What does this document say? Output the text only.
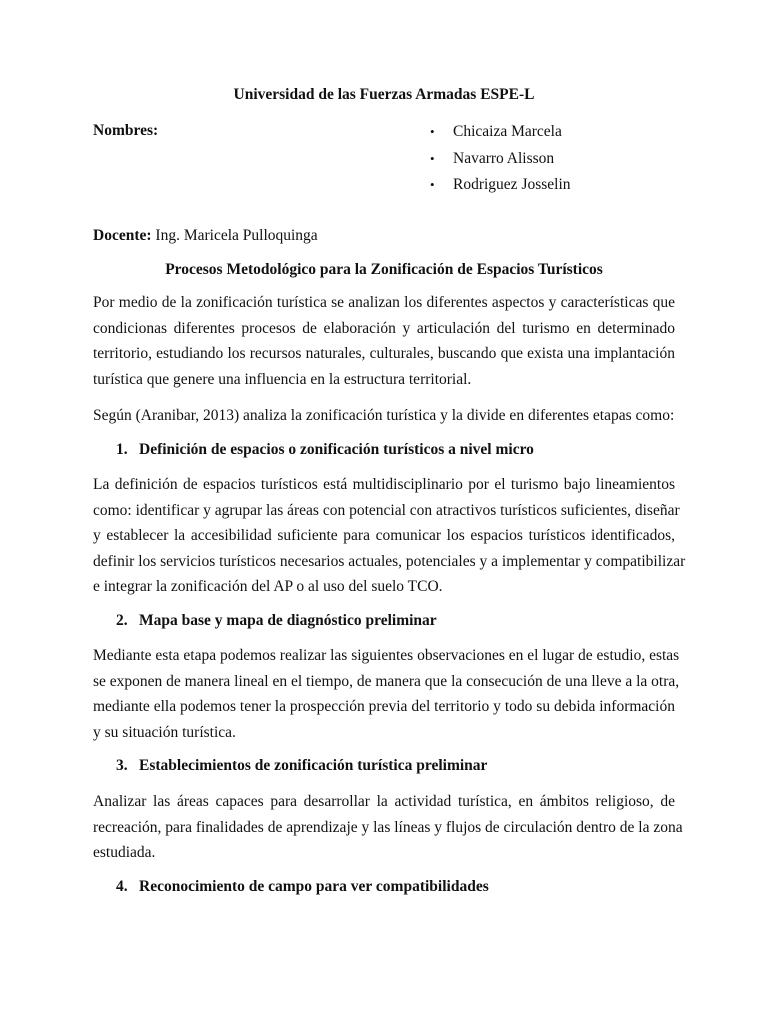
Universidad de las Fuerzas Armadas ESPE-L
Nombres:	• Chicaiza Marcela
• Navarro Alisson
• Rodriguez Josselin
Docente: Ing. Maricela Pulloquinga
Procesos Metodológico para la Zonificación de Espacios Turísticos
Por medio de la zonificación turística se analizan los diferentes aspectos y características que
condicionas diferentes procesos de elaboración y articulación del turismo en determinado
territorio, estudiando los recursos naturales, culturales, buscando que exista una implantación
turística que genere una influencia en la estructura territorial.
Según (Aranibar, 2013) analiza la zonificación turística y la divide en diferentes etapas como:
1. Definición de espacios o zonificación turísticos a nivel micro
La definición de espacios turísticos está multidisciplinario por el turismo bajo lineamientos
como: identificar y agrupar las áreas con potencial con atractivos turísticos suficientes, diseñar
y establecer la accesibilidad suficiente para comunicar los espacios turísticos identificados,
definir los servicios turísticos necesarios actuales, potenciales y a implementar y compatibilizar
e integrar la zonificación del AP o al uso del suelo TCO.
2. Mapa base y mapa de diagnóstico preliminar
Mediante esta etapa podemos realizar las siguientes observaciones en el lugar de estudio, estas
se exponen de manera lineal en el tiempo, de manera que la consecución de una lleve a la otra,
mediante ella podemos tener la prospección previa del territorio y todo su debida información
y su situación turística.
3. Establecimientos de zonificación turística preliminar
Analizar las áreas capaces para desarrollar la actividad turística, en ámbitos religioso, de
recreación, para finalidades de aprendizaje y las líneas y flujos de circulación dentro de la zona
estudiada.
4. Reconocimiento de campo para ver compatibilidades
